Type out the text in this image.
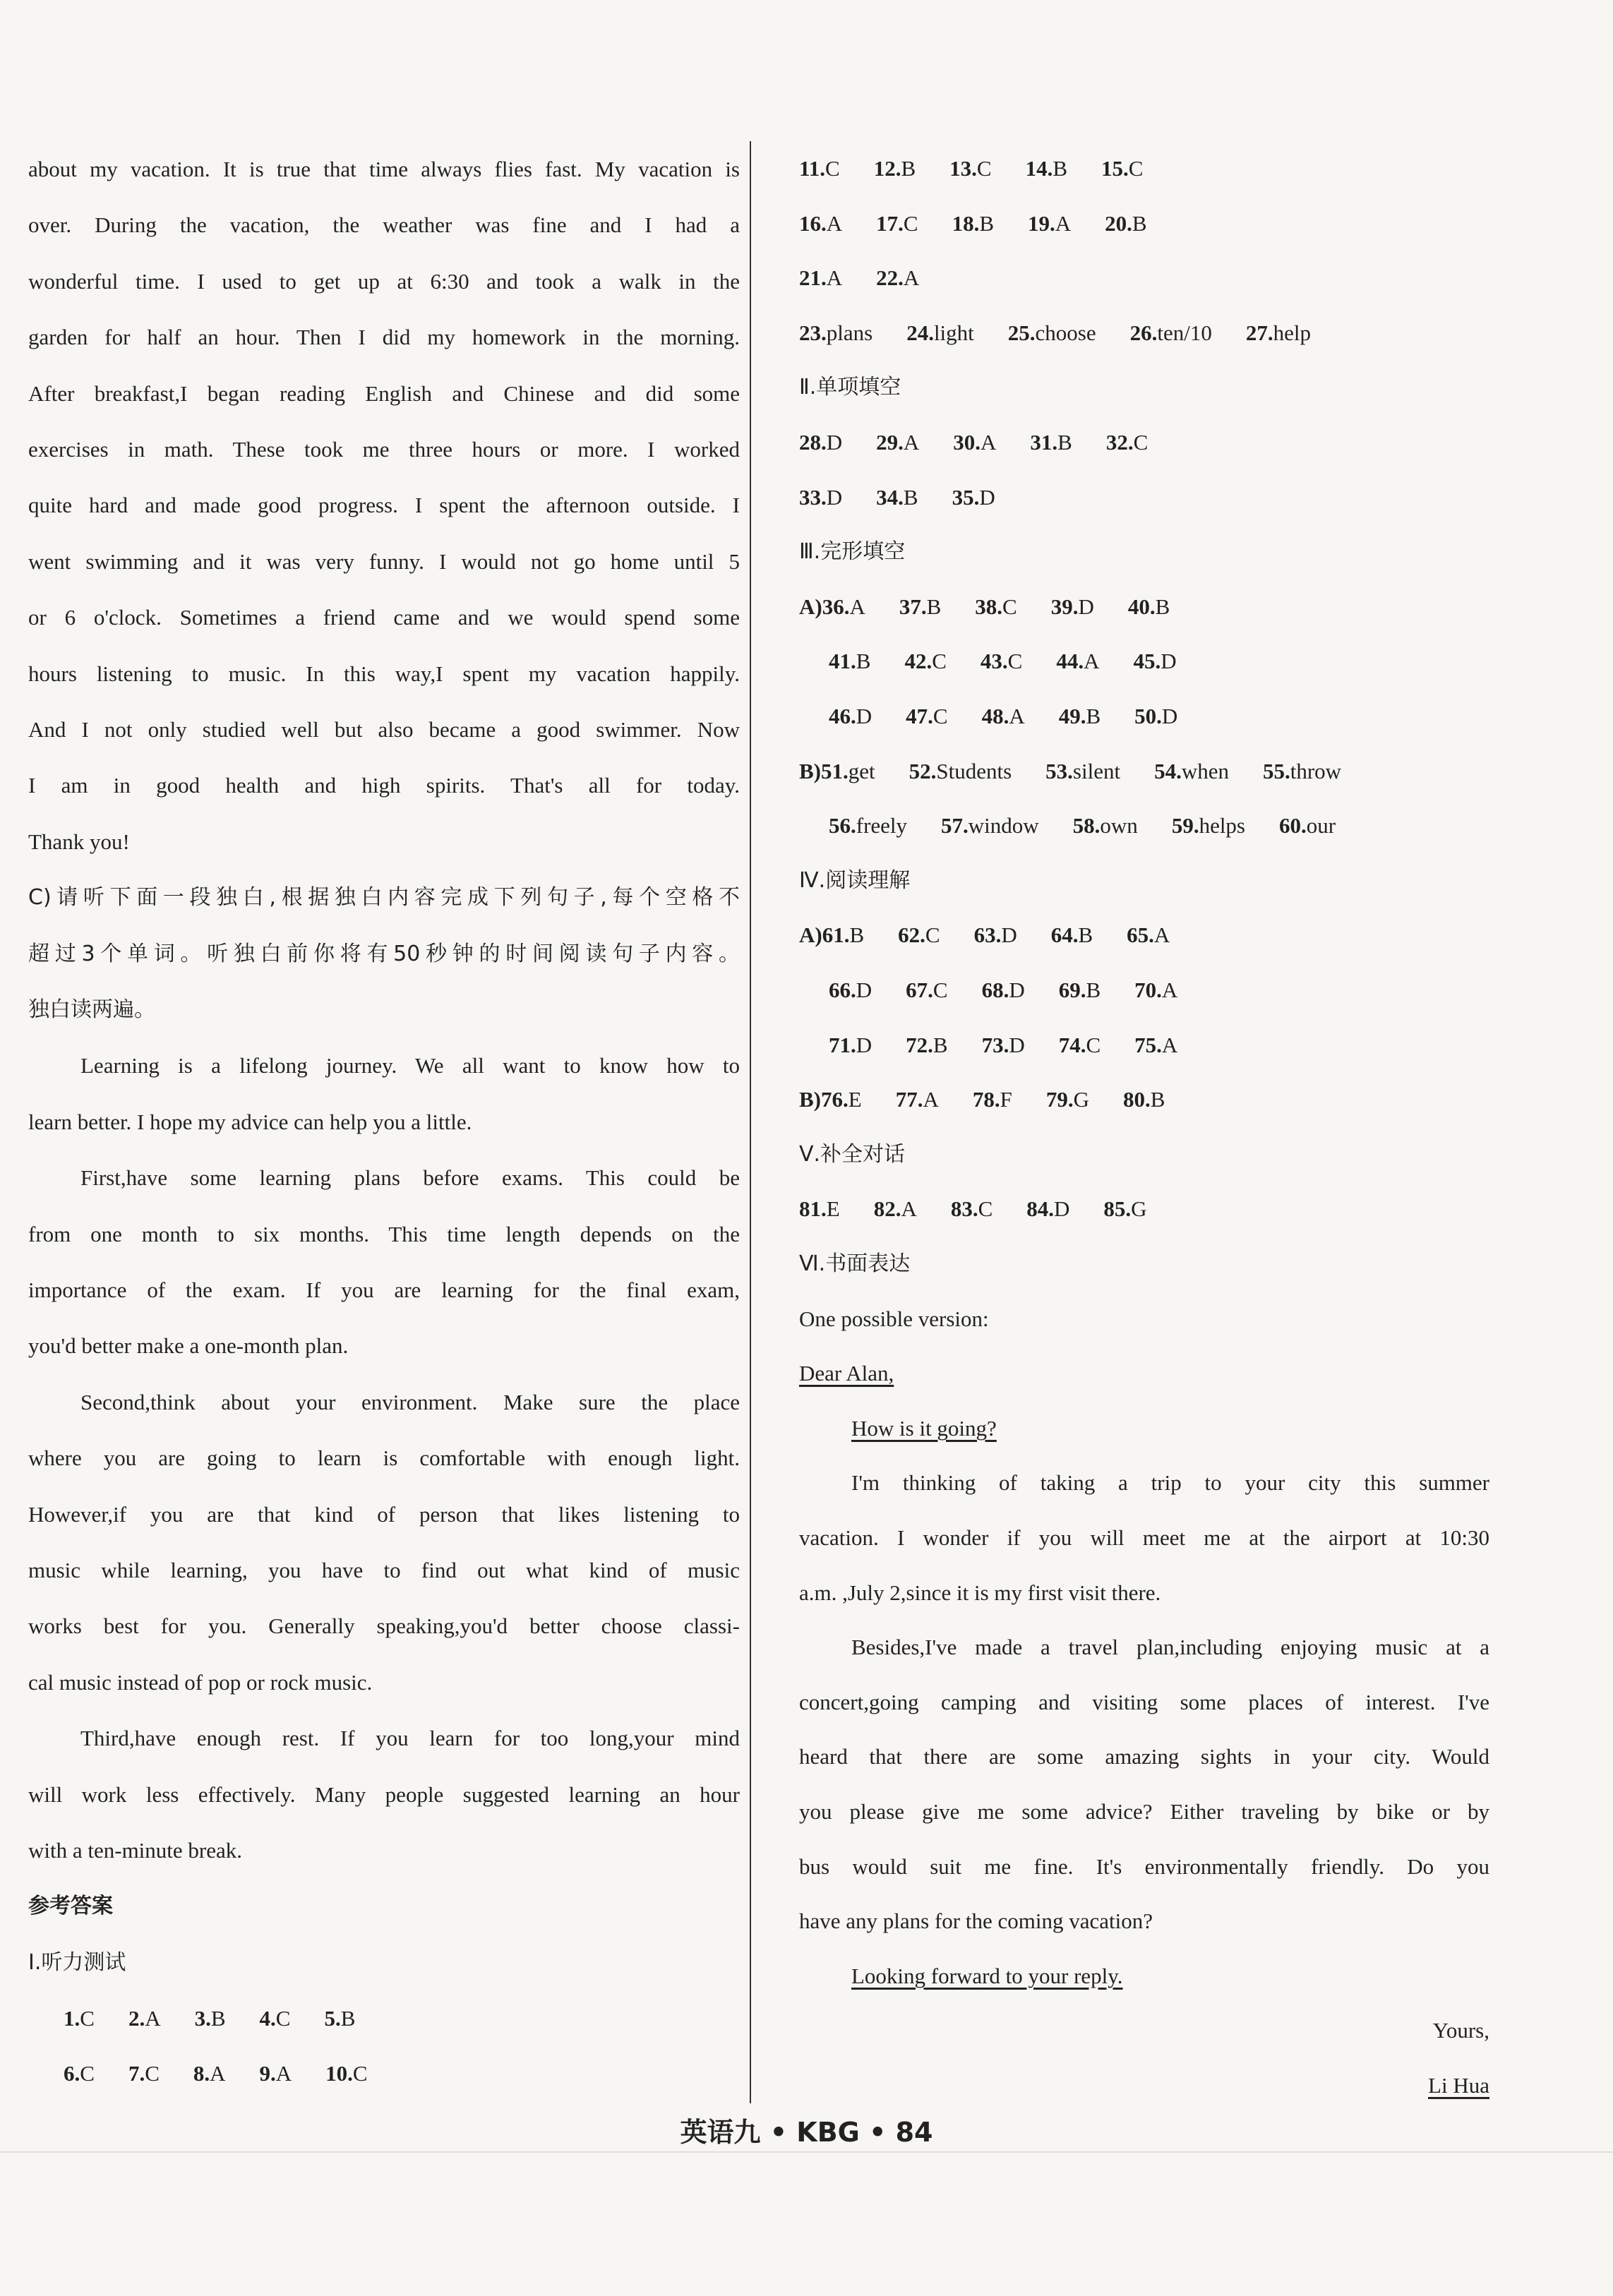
about my vacation. It is true that time always flies fast. My vacation is
over. During the vacation, the weather was fine and I had a
wonderful time. I used to get up at 6:30 and took a walk in the
garden for half an hour. Then I did my homework in the morning.
After breakfast,I began reading English and Chinese and did some
exercises in math. These took me three hours or more. I worked
quite hard and made good progress. I spent the afternoon outside. I
went swimming and it was very funny. I would not go home until 5
or 6 o'clock. Sometimes a friend came and we would spend some
hours listening to music. In this way,I spent my vacation happily.
And I not only studied well but also became a good swimmer. Now
I am in good health and high spirits. That's all for today.
Thank you!
C)请听下面一段独白,根据独白内容完成下列句子,每个空格不
超过3个单词。听独白前你将有50秒钟的时间阅读句子内容。
独白读两遍。
Learning is a lifelong journey. We all want to know how to
learn better. I hope my advice can help you a little.
First,have some learning plans before exams. This could be
from one month to six months. This time length depends on the
importance of the exam. If you are learning for the final exam,
you'd better make a one-month plan.
Second,think about your environment. Make sure the place
where you are going to learn is comfortable with enough light.
However,if you are that kind of person that likes listening to
music while learning, you have to find out what kind of music
works best for you. Generally speaking,you'd better choose classi-
cal music instead of pop or rock music.
Third,have enough rest. If you learn for too long,your mind
will work less effectively. Many people suggested learning an hour
with a ten-minute break.
参考答案
Ⅰ.听力测试
1.C 2.A 3.B 4.C 5.B
6.C 7.C 8.A 9.A 10.C
11.C 12.B 13.C 14.B 15.C
16.A 17.C 18.B 19.A 20.B
21.A 22.A
23.plans 24.light 25.choose 26.ten/10 27.help
Ⅱ.单项填空
28.D 29.A 30.A 31.B 32.C
33.D 34.B 35.D
Ⅲ.完形填空
A)36.A 37.B 38.C 39.D 40.B
41.B 42.C 43.C 44.A 45.D
46.D 47.C 48.A 49.B 50.D
B)51.get 52.Students 53.silent 54.when 55.throw
56.freely 57.window 58.own 59.helps 60.our
Ⅳ.阅读理解
A)61.B 62.C 63.D 64.B 65.A
66.D 67.C 68.D 69.B 70.A
71.D 72.B 73.D 74.C 75.A
B)76.E 77.A 78.F 79.G 80.B
Ⅴ.补全对话
81.E 82.A 83.C 84.D 85.G
Ⅵ.书面表达
One possible version:
Dear Alan,
How is it going?
I'm thinking of taking a trip to your city this summer
vacation. I wonder if you will meet me at the airport at 10:30
a.m. ,July 2,since it is my first visit there.
Besides,I've made a travel plan,including enjoying music at a
concert,going camping and visiting some places of interest. I've
heard that there are some amazing sights in your city. Would
you please give me some advice? Either traveling by bike or by
bus would suit me fine. It's environmentally friendly. Do you
have any plans for the coming vacation?
Looking forward to your reply.
Yours,
Li Hua
英语九 • KBG • 84
